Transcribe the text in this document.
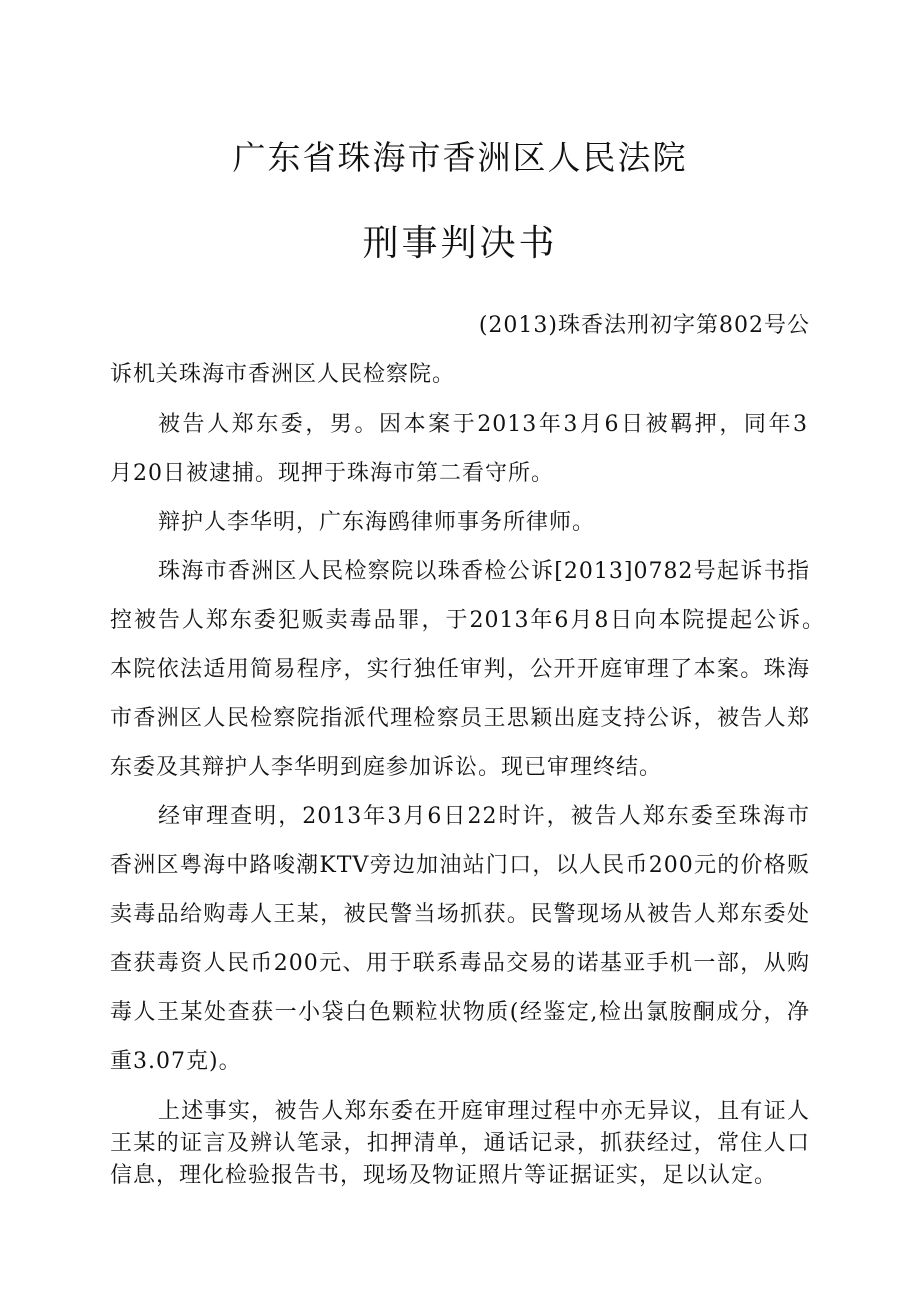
广东省珠海市香洲区人民法院
刑事判决书
(2013)珠香法刑初字第802号公
诉机关珠海市香洲区人民检察院。
被告人郑东委，男。因本案于2013年3月6日被羁押，同年3
月20日被逮捕。现押于珠海市第二看守所。
辩护人李华明，广东海鸥律师事务所律师。
珠海市香洲区人民检察院以珠香检公诉[2013]0782号起诉书指
控被告人郑东委犯贩卖毒品罪，于2013年6月8日向本院提起公诉。
本院依法适用简易程序，实行独任审判，公开开庭审理了本案。珠海
市香洲区人民检察院指派代理检察员王思颖出庭支持公诉，被告人郑
东委及其辩护人李华明到庭参加诉讼。现已审理终结。
经审理查明，2013年3月6日22时许，被告人郑东委至珠海市
香洲区粤海中路唆潮KTV旁边加油站门口，以人民币200元的价格贩
卖毒品给购毒人王某，被民警当场抓获。民警现场从被告人郑东委处
查获毒资人民币200元、用于联系毒品交易的诺基亚手机一部，从购
毒人王某处查获一小袋白色颗粒状物质(经鉴定,检出氯胺酮成分，净
重3.07克)。
上述事实，被告人郑东委在开庭审理过程中亦无异议，且有证人
王某的证言及辨认笔录，扣押清单，通话记录，抓获经过，常住人口
信息，理化检验报告书，现场及物证照片等证据证实，足以认定。
